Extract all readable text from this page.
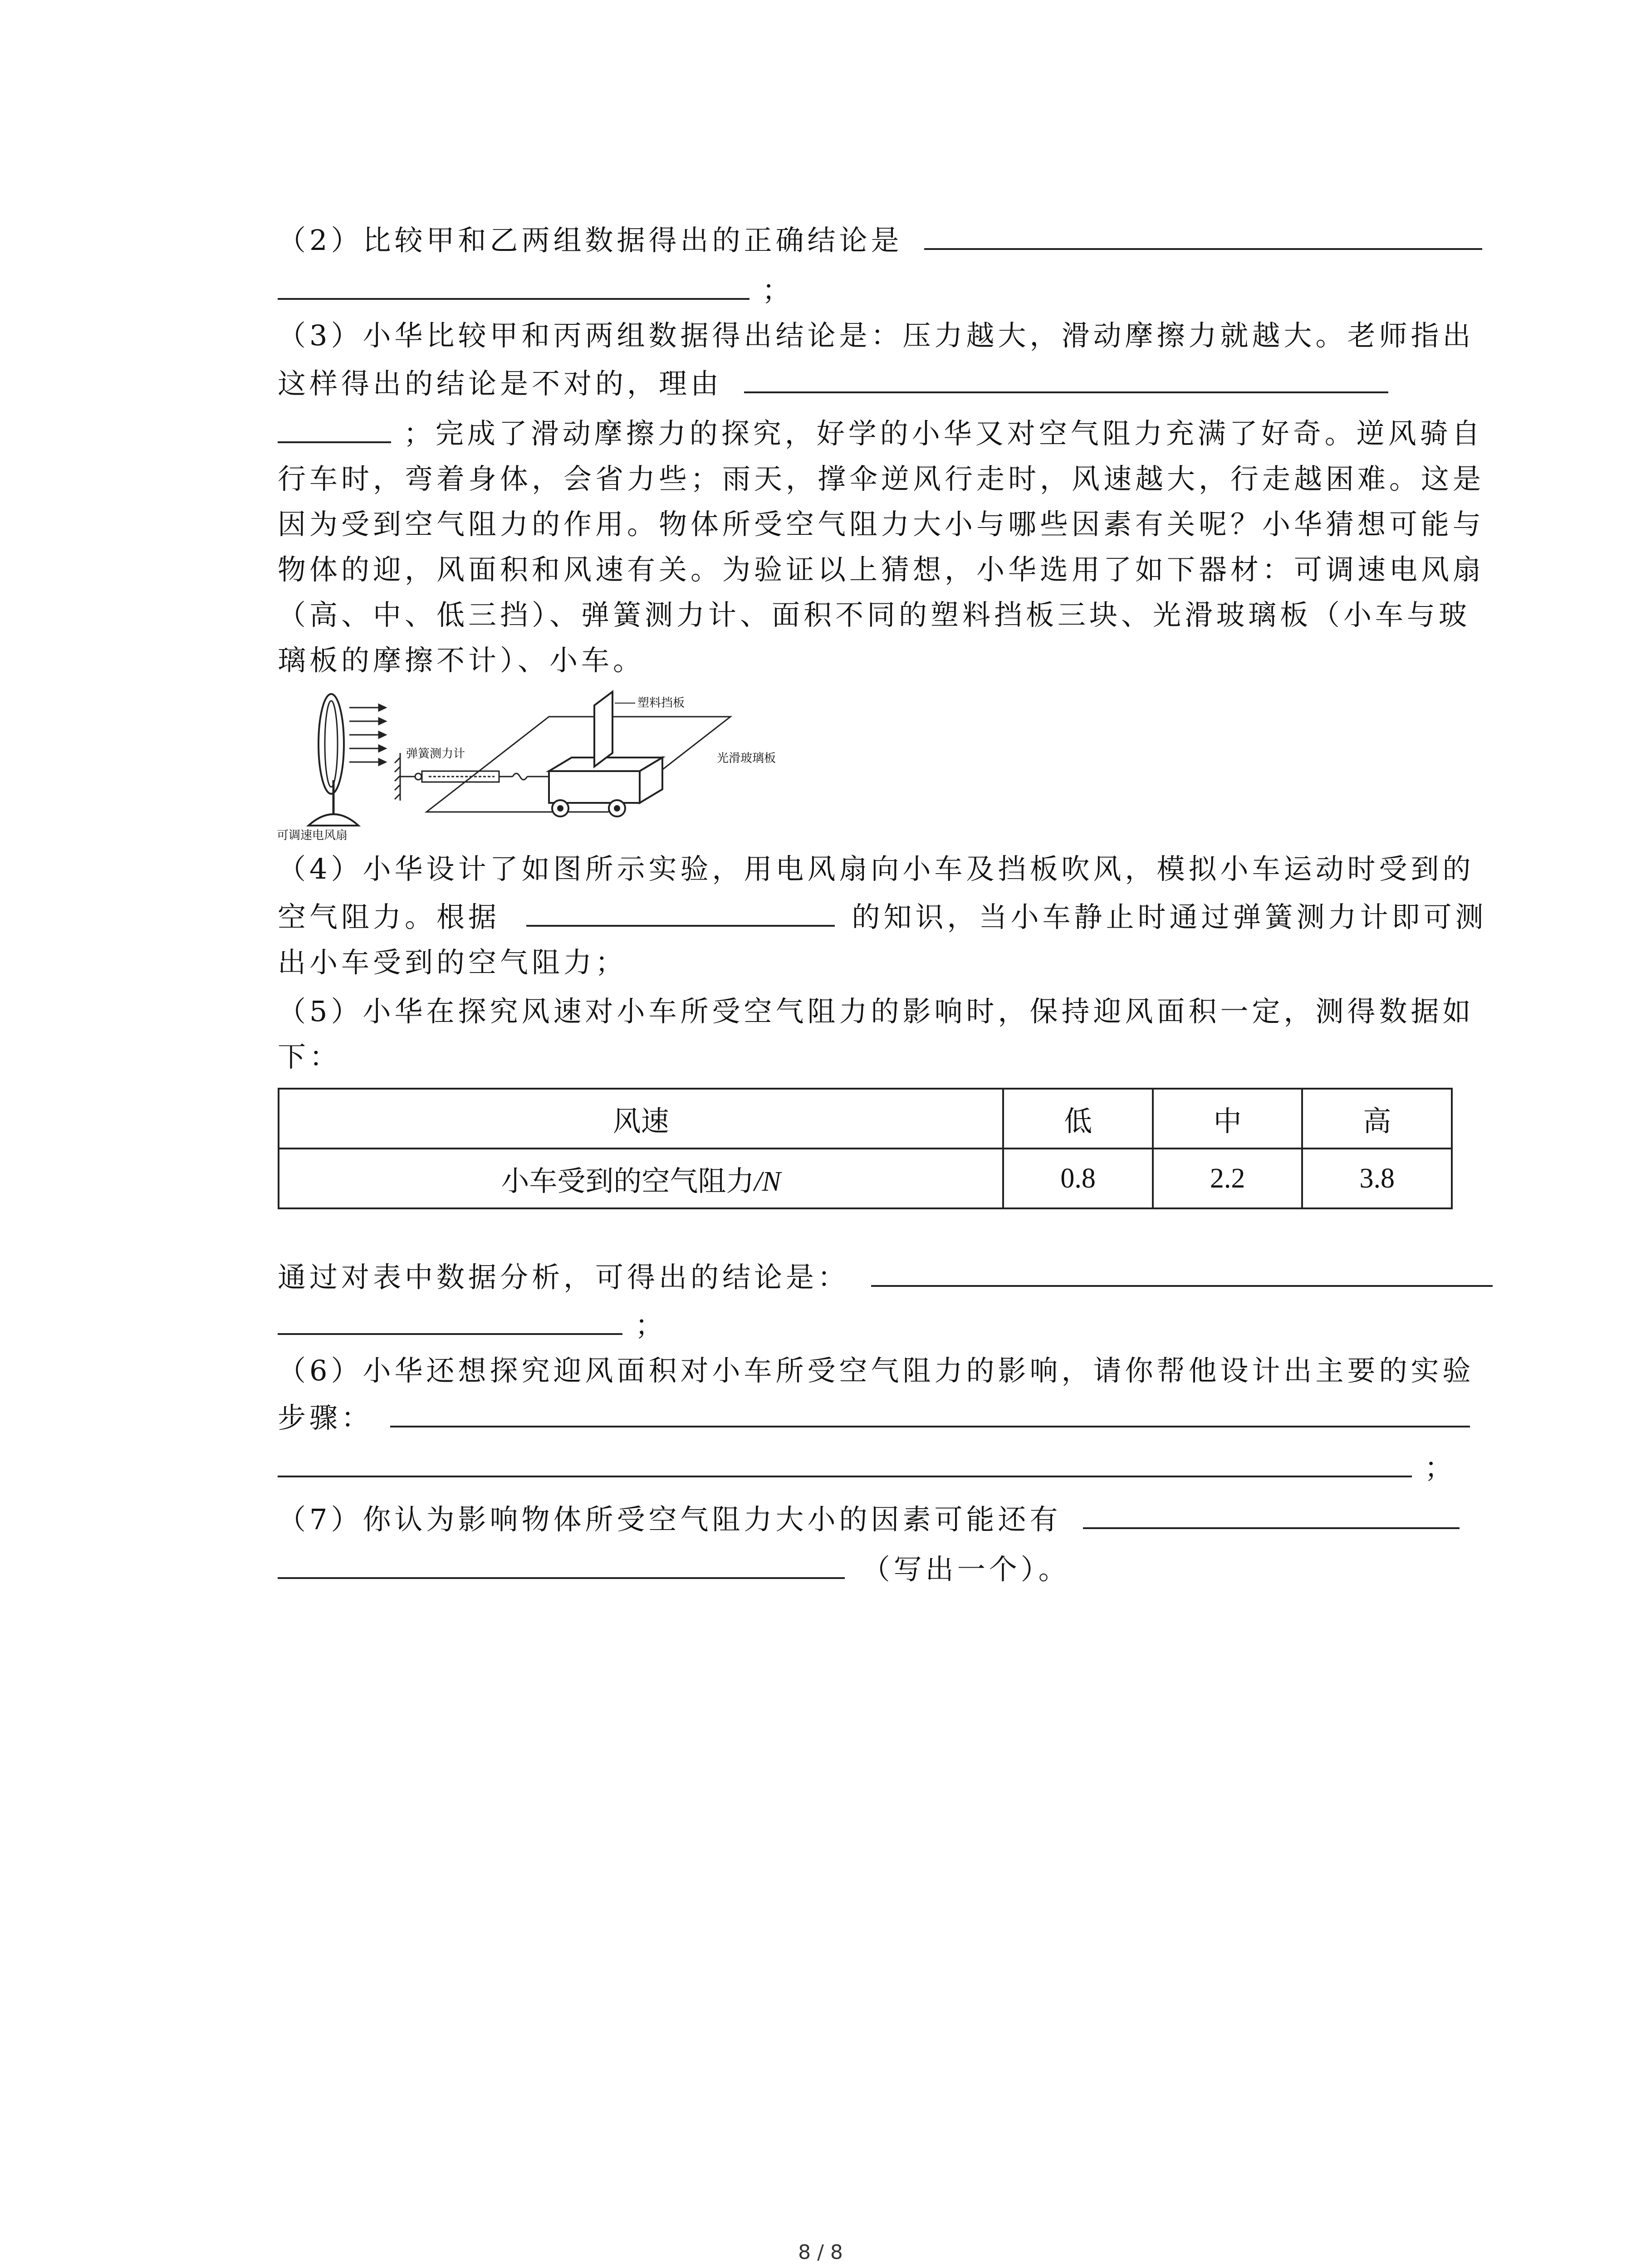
（2）比较甲和乙两组数据得出的正确结论是
；
（3）小华比较甲和丙两组数据得出结论是：压力越大，滑动摩擦力就越大。老师指出
这样得出的结论是不对的，理由
；完成了滑动摩擦力的探究，好学的小华又对空气阻力充满了好奇。逆风骑自
行车时，弯着身体，会省力些；雨天，撑伞逆风行走时，风速越大，行走越困难。这是
因为受到空气阻力的作用。物体所受空气阻力大小与哪些因素有关呢？小华猜想可能与
物体的迎，风面积和风速有关。为验证以上猜想，小华选用了如下器材：可调速电风扇
（高、中、低三挡）、弹簧测力计、面积不同的塑料挡板三块、光滑玻璃板（小车与玻
璃板的摩擦不计）、小车。
弹簧测力计	光滑玻璃板
塑料挡板
可调速电风扇
（4）小华设计了如图所示实验，用电风扇向小车及挡板吹风，模拟小车运动时受到的
空气阻力。根据	的知识，当小车静止时通过弹簧测力计即可测
出小车受到的空气阻力；
（5）小华在探究风速对小车所受空气阻力的影响时，保持迎风面积一定，测得数据如
下：
风速	低	中	高
小车受到的空气阻力/N	0.8	2.2	3.8
通过对表中数据分析，可得出的结论是：
；
（6）小华还想探究迎风面积对小车所受空气阻力的影响，请你帮他设计出主要的实验
步骤：
；
（7）你认为影响物体所受空气阻力大小的因素可能还有
（写出一个）。
8 / 8
